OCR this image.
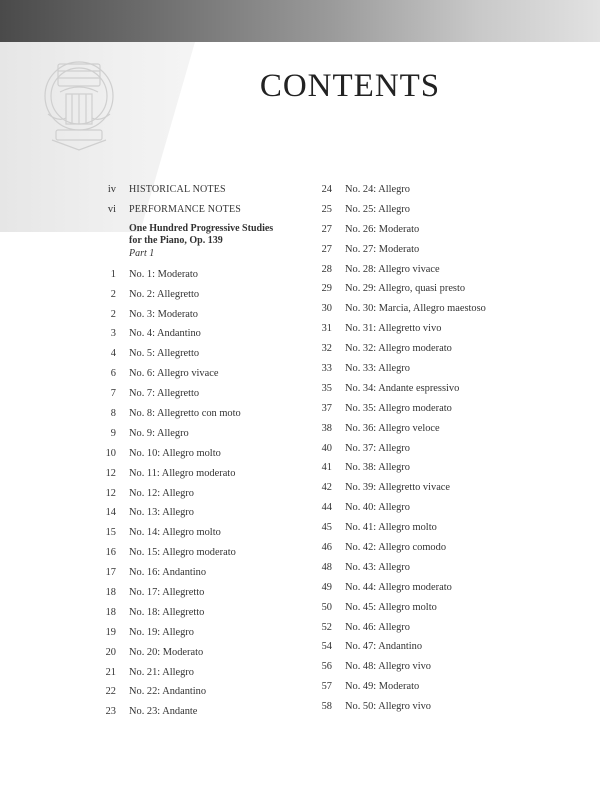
CONTENTS
iv	HISTORICAL NOTES
vi	PERFORMANCE NOTES
One Hundred Progressive Studies
for the Piano, Op. 139
Part 1
1	No. 1: Moderato
2	No. 2: Allegretto
2	No. 3: Moderato
3	No. 4: Andantino
4	No. 5: Allegretto
6	No. 6: Allegro vivace
7	No. 7: Allegretto
8	No. 8: Allegretto con moto
9	No. 9: Allegro
10	No. 10: Allegro molto
12	No. 11: Allegro moderato
12	No. 12: Allegro
14	No. 13: Allegro
15	No. 14: Allegro molto
16	No. 15: Allegro moderato
17	No. 16: Andantino
18	No. 17: Allegretto
18	No. 18: Allegretto
19	No. 19: Allegro
20	No. 20: Moderato
21	No. 21: Allegro
22	No. 22: Andantino
23	No. 23: Andante
24	No. 24: Allegro
25	No. 25: Allegro
27	No. 26: Moderato
27	No. 27: Moderato
28	No. 28: Allegro vivace
29	No. 29: Allegro, quasi presto
30	No. 30: Marcia, Allegro maestoso
31	No. 31: Allegretto vivo
32	No. 32: Allegro moderato
33	No. 33: Allegro
35	No. 34: Andante espressivo
37	No. 35: Allegro moderato
38	No. 36: Allegro veloce
40	No. 37: Allegro
41	No. 38: Allegro
42	No. 39: Allegretto vivace
44	No. 40: Allegro
45	No. 41: Allegro molto
46	No. 42: Allegro comodo
48	No. 43: Allegro
49	No. 44: Allegro moderato
50	No. 45: Allegro molto
52	No. 46: Allegro
54	No. 47: Andantino
56	No. 48: Allegro vivo
57	No. 49: Moderato
58	No. 50: Allegro vivo
